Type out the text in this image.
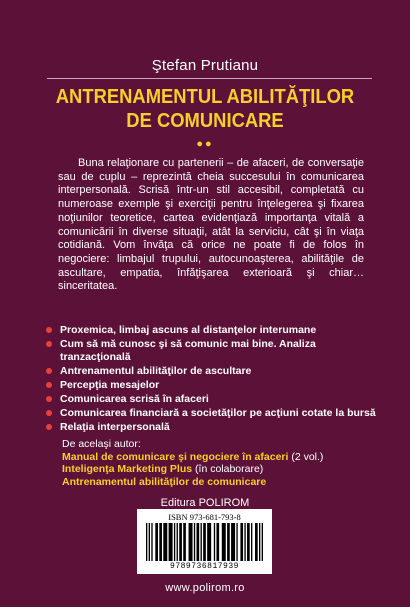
Ştefan Prutianu
ANTRENAMENTUL ABILITĂŢILOR
DE COMUNICARE
●●

Buna relaţionare cu partenerii – de afaceri, de conversaţie sau de cuplu – reprezintă cheia succesului în comunicarea interpersonală. Scrisă într-un stil accesibil, completată cu numeroase exemple şi exerciţii pentru înţelegerea şi fixarea noţiunilor teoretice, cartea evidenţiază importanţa vitală a comunicării în diverse situaţii, atât la serviciu, cât şi în viaţa cotidiană. Vom învăţa că orice ne poate fi de folos în negociere: limbajul trupului, autocunoaşterea, abilităţile de ascultare, empatia, înfăţişarea exterioară şi chiar… sinceritatea.

Proxemica, limbaj ascuns al distanţelor interumane
Cum să mă cunosc şi să comunic mai bine. Analiza tranzacţională
Antrenamentul abilităţilor de ascultare
Percepţia mesajelor
Comunicarea scrisă în afaceri
Comunicarea financiară a societăţilor pe acţiuni cotate la bursă
Relaţia interpersonală
De acelaşi autor:
Manual de comunicare şi negociere în afaceri (2 vol.)
Inteligenţa Marketing Plus (în colaborare)
Antrenamentul abilităţilor de comunicare
Editura POLIROM
ISBN 973-681-793-8
9789736817939
www.polirom.ro
